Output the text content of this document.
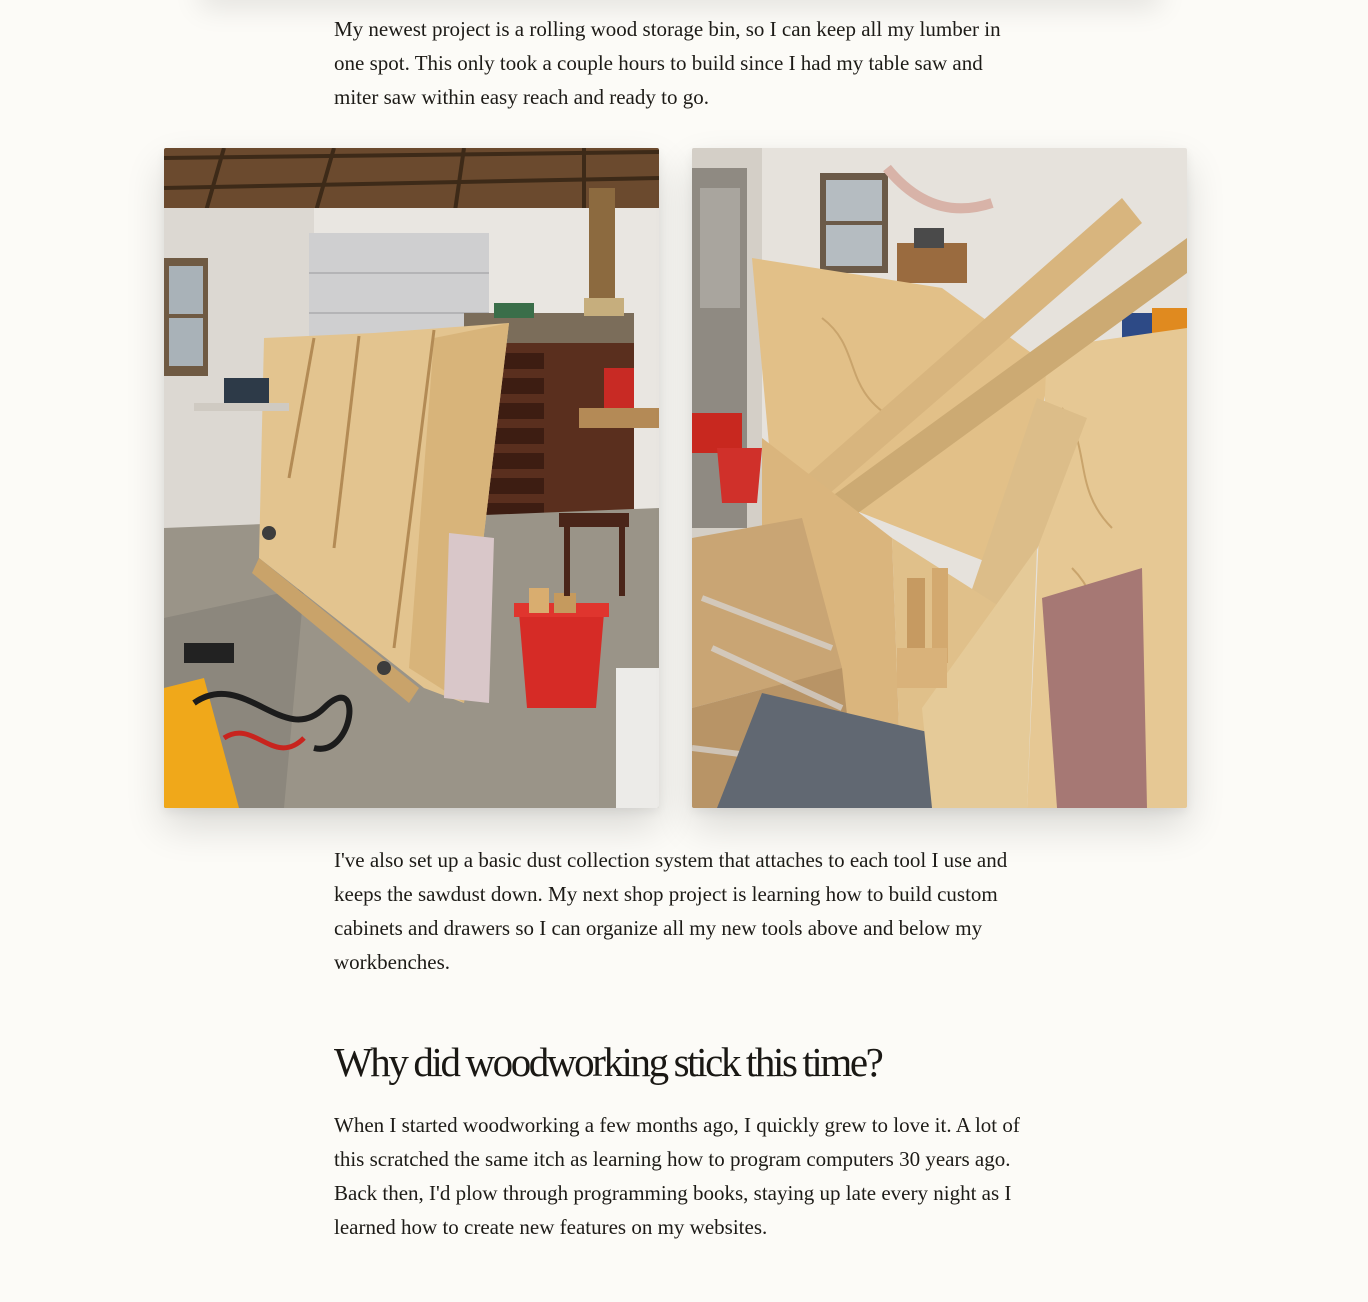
My newest project is a rolling wood storage bin, so I can keep all my lumber in one spot. This only took a couple hours to build since I had my table saw and miter saw within easy reach and ready to go.

I've also set up a basic dust collection system that attaches to each tool I use and keeps the sawdust down. My next shop project is learning how to build custom cabinets and drawers so I can organize all my new tools above and below my workbenches.

Why did woodworking stick this time?

When I started woodworking a few months ago, I quickly grew to love it. A lot of this scratched the same itch as learning how to program computers 30 years ago. Back then, I'd plow through programming books, staying up late every night as I learned how to create new features on my websites.
